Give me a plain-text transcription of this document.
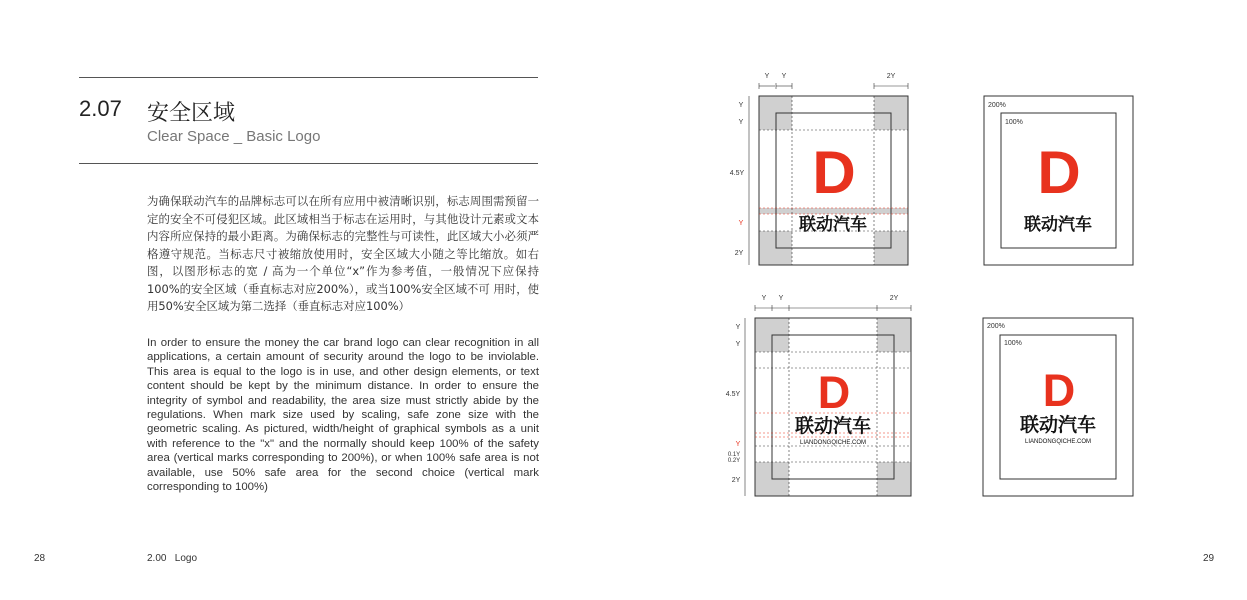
2.07 安全区域
Clear Space _ Basic Logo
为确保联动汽车的品牌标志可以在所有应用中被清晰识别，标志周围需预留一定的安全不可侵犯区域。此区域相当于标志在运用时，与其他设计元素或文本内容所应保持的最小距离。为确保标志的完整性与可读性，此区域大小必须严格遵守规范。当标志尺寸被缩放使用时，安全区域大小随之等比缩放。如右图，以图形标志的宽 / 高为一个单位“x”作为参考值，一般情况下应保持100%的安全区域（垂直标志对应200%），或当100%安全区域不可 用时，使用50%安全区域为第二选择（垂直标志对应100%）
In order to ensure the money the car brand logo can clear recognition in all applications, a certain amount of security around the logo to be inviolable. This area is equal to the logo is in use, and other design elements, or text content should be kept by the minimum distance. In order to ensure the integrity of symbol and readability, the area size must strictly abide by the regulations. When mark size used by scaling, safe zone size with the geometric scaling. As pictured, width/height of graphical symbols as a unit with reference to the "x" and the normally should keep 100% of the safety area (vertical marks corresponding to 200%), or when 100% safe area is not available, use 50% safe area for the second choice (vertical mark corresponding to 100%)
28	2.00   Logo	29
D
联动汽车
Y Y	2Y
Y
Y
4.5Y
Y
2Y
200%
100%
D
联动汽车
D
联动汽车
LIANDONGQICHE.COM
Y Y	2Y
Y
Y
4.5Y
Y
0.1Y
0.2Y
2Y
200%
100%
D
联动汽车
LIANDONGQICHE.COM
